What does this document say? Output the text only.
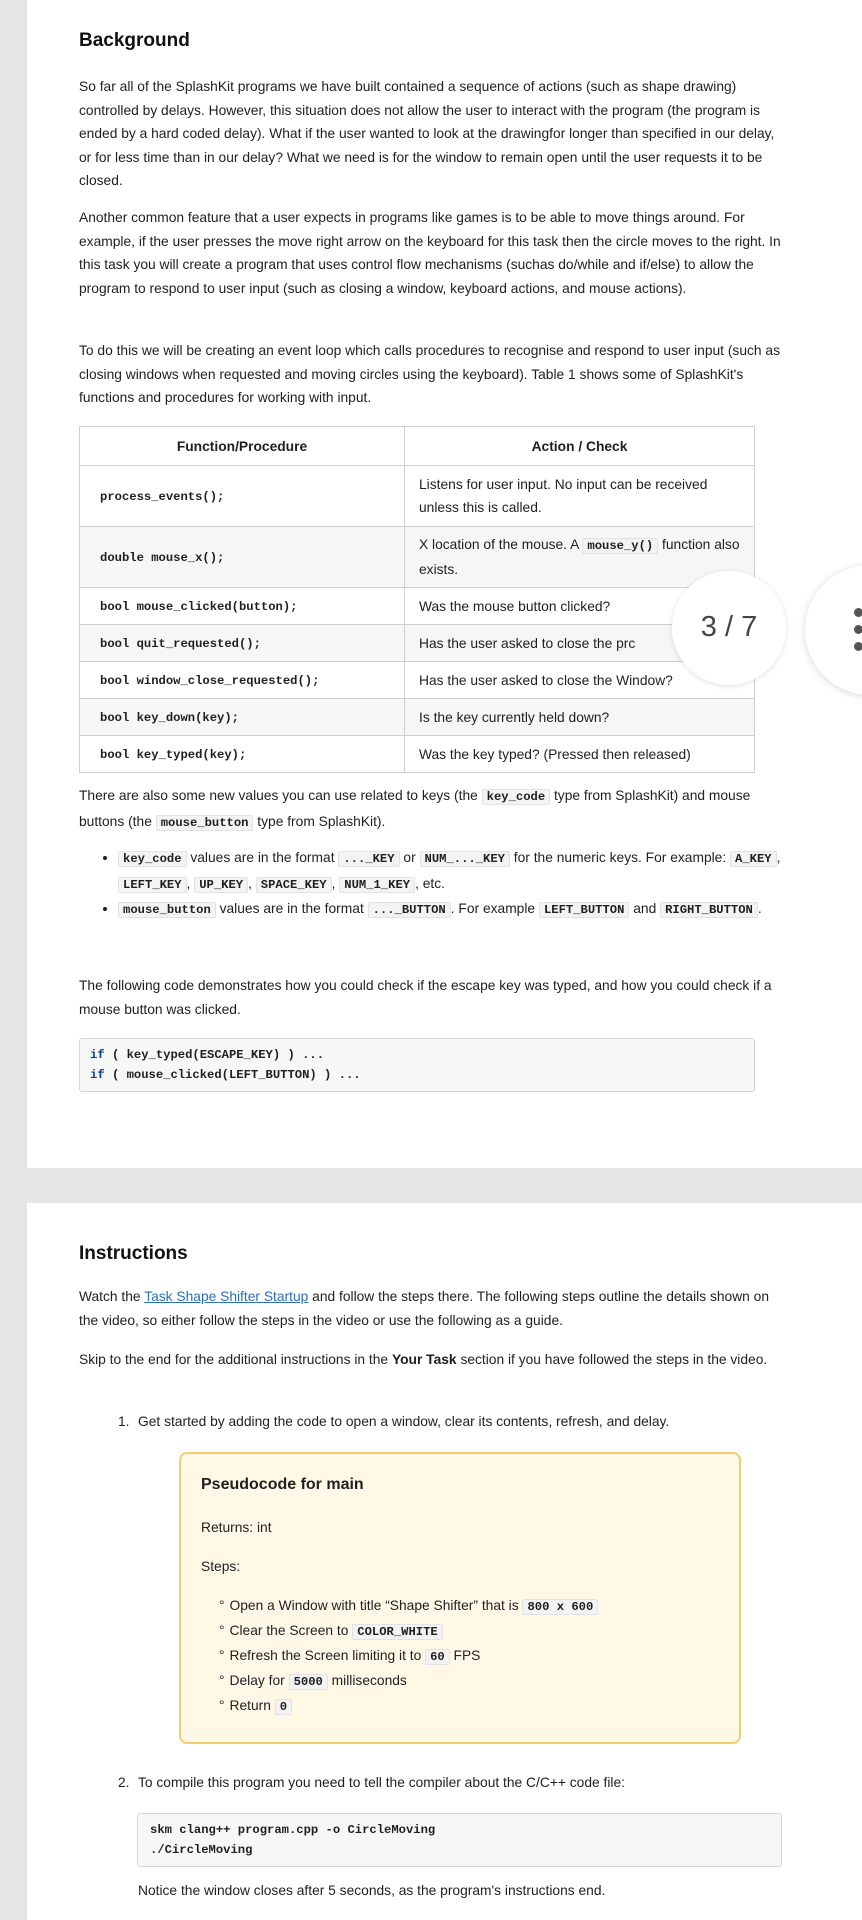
Background

So far all of the SplashKit programs we have built contained a sequence of actions (such as shape drawing) controlled by delays. However, this situation does not allow the user to interact with the program (the program is ended by a hard coded delay). What if the user wanted to look at the drawingfor longer than specified in our delay, or for less time than in our delay? What we need is for the window to remain open until the user requests it to be closed.

Another common feature that a user expects in programs like games is to be able to move things around. For example, if the user presses the move right arrow on the keyboard for this task then the circle moves to the right. In this task you will create a program that uses control flow mechanisms (suchas do/while and if/else) to allow the program to respond to user input (such as closing a window, keyboard actions, and mouse actions).

To do this we will be creating an event loop which calls procedures to recognise and respond to user input (such as closing windows when requested and moving circles using the keyboard). Table 1 shows some of SplashKit's functions and procedures for working with input.

Function/Procedure	Action / Check
process_events();	Listens for user input. No input can be received unless this is called.
double mouse_x();	X location of the mouse. A mouse_y() function also exists.
bool mouse_clicked(button);	Was the mouse button clicked?
bool quit_requested();	Has the user asked to close the prc
bool window_close_requested();	Has the user asked to close the Window?
bool key_down(key);	Is the key currently held down?
bool key_typed(key);	Was the key typed? (Pressed then released)

There are also some new values you can use related to keys (the key_code type from SplashKit) and mouse buttons (the mouse_button type from SplashKit).

• key_code values are in the format ..._KEY or NUM_..._KEY for the numeric keys. For example: A_KEY , LEFT_KEY , UP_KEY , SPACE_KEY , NUM_1_KEY , etc.
• mouse_button values are in the format ..._BUTTON . For example LEFT_BUTTON and RIGHT_BUTTON .

The following code demonstrates how you could check if the escape key was typed, and how you could check if a mouse button was clicked.

if ( key_typed(ESCAPE_KEY) ) ...
if ( mouse_clicked(LEFT_BUTTON) ) ...
3 / 7
Instructions

Watch the Task Shape Shifter Startup and follow the steps there. The following steps outline the details shown on the video, so either follow the steps in the video or use the following as a guide.

Skip to the end for the additional instructions in the Your Task section if you have followed the steps in the video.

1. Get started by adding the code to open a window, clear its contents, refresh, and delay.
Pseudocode for main
Returns: int
Steps:
° Open a Window with title “Shape Shifter” that is 800 x 600
° Clear the Screen to COLOR_WHITE
° Refresh the Screen limiting it to 60 FPS
° Delay for 5000 milliseconds
° Return 0
2. To compile this program you need to tell the compiler about the C/C++ code file:
skm clang++ program.cpp -o CircleMoving
./CircleMoving
Notice the window closes after 5 seconds, as the program's instructions end.
